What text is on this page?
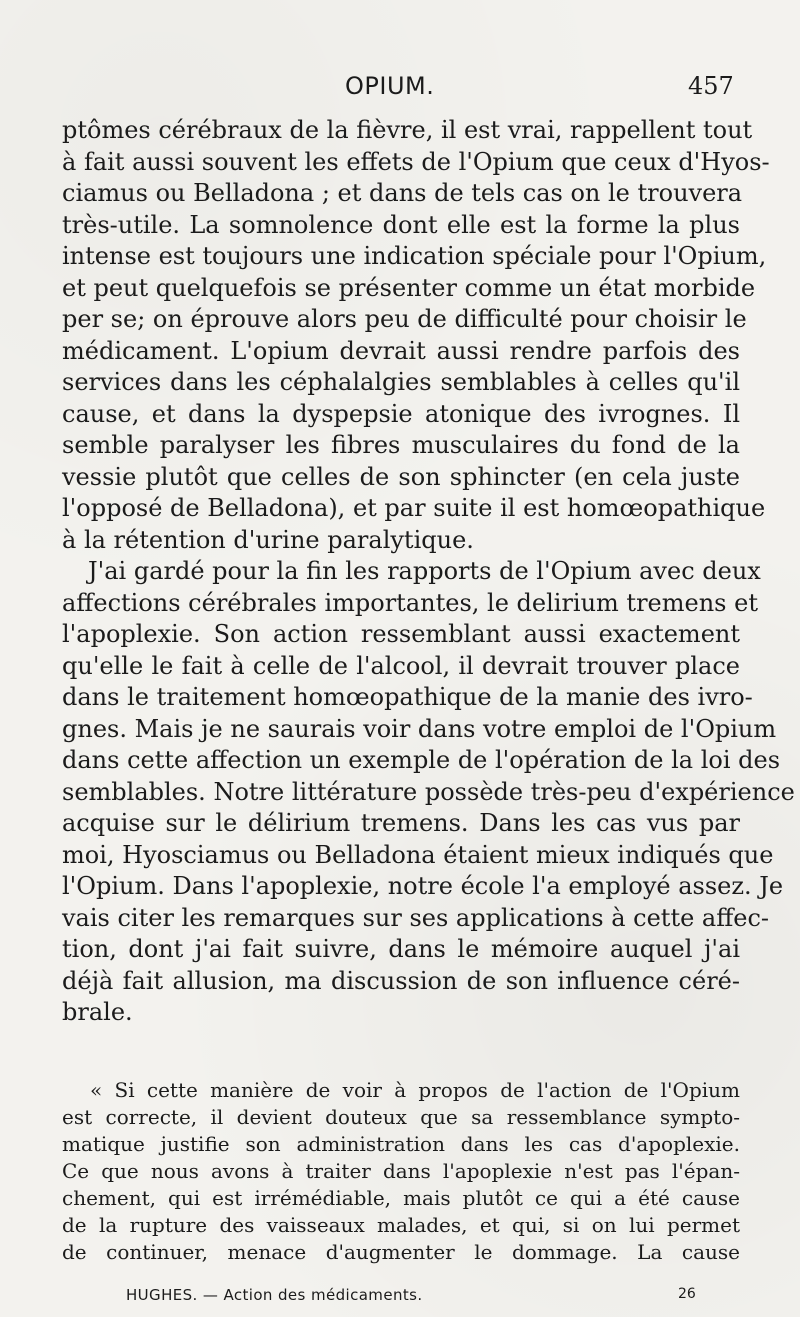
OPIUM.	457
ptômes cérébraux de la fièvre, il est vrai, rappellent tout
à fait aussi souvent les effets de l'Opium que ceux d'Hyos-
ciamus ou Belladona ; et dans de tels cas on le trouvera
très-utile. La somnolence dont elle est la forme la plus
intense est toujours une indication spéciale pour l'Opium,
et peut quelquefois se présenter comme un état morbide
per se; on éprouve alors peu de difficulté pour choisir le
médicament. L'opium devrait aussi rendre parfois des
services dans les céphalalgies semblables à celles qu'il
cause, et dans la dyspepsie atonique des ivrognes. Il
semble paralyser les fibres musculaires du fond de la
vessie plutôt que celles de son sphincter (en cela juste
l'opposé de Belladona), et par suite il est homœopathique
à la rétention d'urine paralytique.
J'ai gardé pour la fin les rapports de l'Opium avec deux
affections cérébrales importantes, le delirium tremens et
l'apoplexie. Son action ressemblant aussi exactement
qu'elle le fait à celle de l'alcool, il devrait trouver place
dans le traitement homœopathique de la manie des ivro-
gnes. Mais je ne saurais voir dans votre emploi de l'Opium
dans cette affection un exemple de l'opération de la loi des
semblables. Notre littérature possède très-peu d'expérience
acquise sur le délirium tremens. Dans les cas vus par
moi, Hyosciamus ou Belladona étaient mieux indiqués que
l'Opium. Dans l'apoplexie, notre école l'a employé assez. Je
vais citer les remarques sur ses applications à cette affec-
tion, dont j'ai fait suivre, dans le mémoire auquel j'ai
déjà fait allusion, ma discussion de son influence céré-
brale.
« Si cette manière de voir à propos de l'action de l'Opium
est correcte, il devient douteux que sa ressemblance sympto-
matique justifie son administration dans les cas d'apoplexie.
Ce que nous avons à traiter dans l'apoplexie n'est pas l'épan-
chement, qui est irrémédiable, mais plutôt ce qui a été cause
de la rupture des vaisseaux malades, et qui, si on lui permet
de continuer, menace d'augmenter le dommage. La cause
HUGHES. — Action des médicaments.	26
